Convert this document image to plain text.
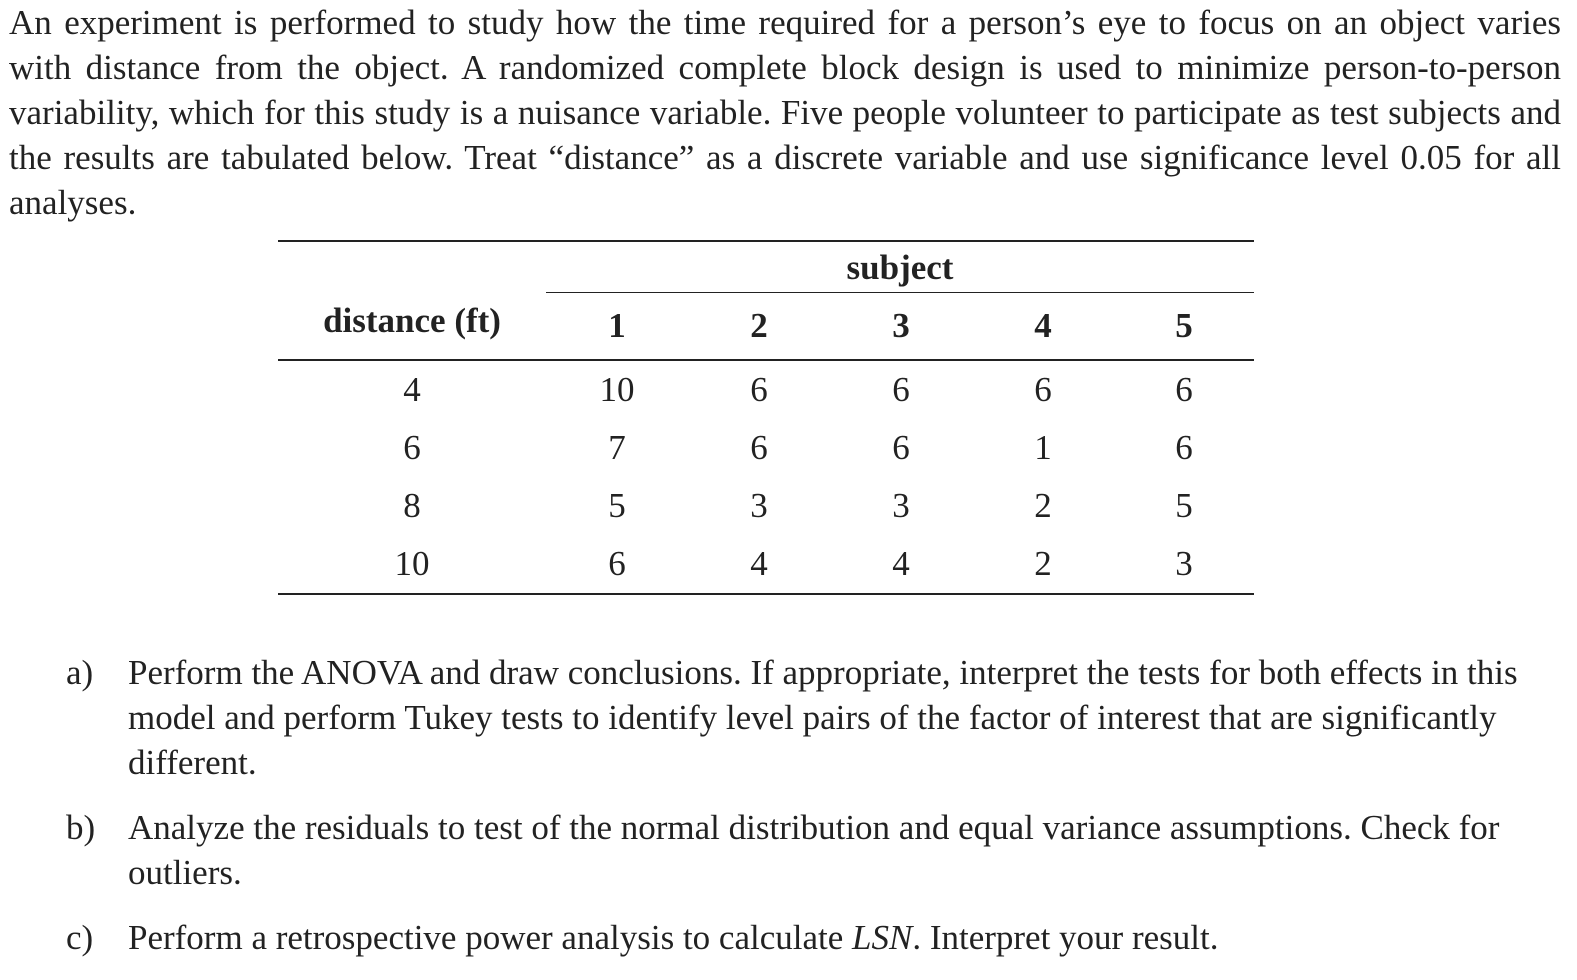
An experiment is performed to study how the time required for a person’s eye to focus on an object varies with distance from the object. A randomized complete block design is used to minimize person-to-person variability, which for this study is a nuisance variable. Five people volunteer to participate as test subjects and the results are tabulated below. Treat “distance” as a discrete variable and use significance level 0.05 for all analyses.

	subject				
distance (ft)	1	2	3	4	5
4	10	6	6	6	6
6	7	6	6	1	6
8	5	3	3	2	5
10	6	4	4	2	3
a) Perform the ANOVA and draw conclusions. If appropriate, interpret the tests for both effects in this model and perform Tukey tests to identify level pairs of the factor of interest that are significantly different.
b) Analyze the residuals to test of the normal distribution and equal variance assumptions. Check for outliers.
c) Perform a retrospective power analysis to calculate LSN. Interpret your result.
